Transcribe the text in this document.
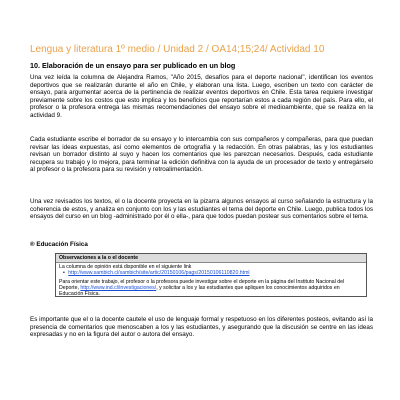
Lengua y literatura 1º medio / Unidad 2 / OA14;15;24/ Actividad 10
10. Elaboración de un ensayo para ser publicado en un blog

Una vez leída la columna de Alejandra Ramos, "Año 2015, desafíos para el deporte nacional", identifican los eventos deportivos que se realizarán durante el año en Chile, y elaboran una lista. Luego, escriben un texto con carácter de ensayo, para argumentar acerca de la pertinencia de realizar eventos deportivos en Chile. Esta tarea requiere investigar previamente sobre los costos que esto implica y los beneficios que reportarían estos a cada región del país. Para ello, el profesor o la profesora entrega las mismas recomendaciones del ensayo sobre el medioambiente, que se realiza en la actividad 9.

Cada estudiante escribe el borrador de su ensayo y lo intercambia con sus compañeros y compañeras, para que puedan revisar las ideas expuestas, así como elementos de ortografía y la redacción. En otras palabras, las y los estudiantes revisan un borrador distinto al suyo y hacen los comentarios que les parezcan necesarios. Después, cada estudiante recupera su trabajo y lo mejora, para terminar la edición definitiva con la ayuda de un procesador de texto y entregárselo al profesor o la profesora para su revisión y retroalimentación.

Una vez revisados los textos, el o la docente proyecta en la pizarra algunos ensayos al curso señalando la estructura y la coherencia de estos, y analiza en conjunto con los y las estudiantes el tema del deporte en Chile. Luego, publica todos los ensayos del curso en un blog -administrado por él o ella-, para que todos puedan postear sus comentarios sobre el tema.

® Educación Física
Observaciones a la o el docente
La columna de opinión está disponible en el siguiente link
• http://www.sambich.cl/sambich/site/artic/20150106/pags/20150106110820.html
Para orientar este trabajo, el profesor o la profesora puede investigar sobre el deporte en la página del Instituto Nacional del Deporte, http://www.ind.cl/investigaciones/, y solicitar a los y las estudiantes que apliquen los conocimientos adquiridos en Educación Física.

Es importante que el o la docente cautele el uso de lenguaje formal y respetuoso en los diferentes posteos, evitando así la presencia de comentarios que menoscaben a los y las estudiantes, y asegurando que la discusión se centre en las ideas expresadas y no en la figura del autor o autora del ensayo.
